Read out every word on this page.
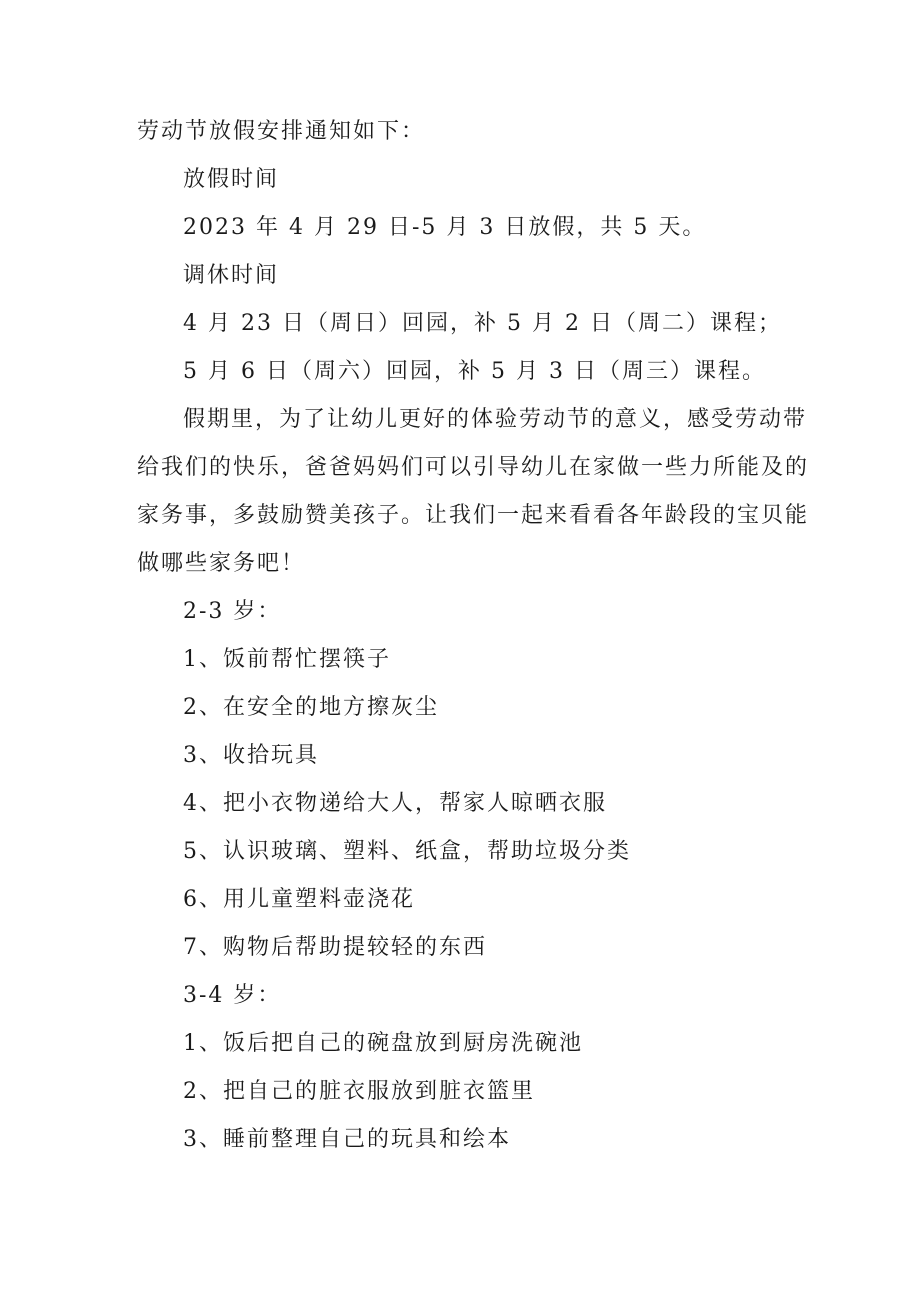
劳动节放假安排通知如下：

放假时间

2023 年 4 月 29 日-5 月 3 日放假，共 5 天。

调休时间

4 月 23 日（周日）回园，补 5 月 2 日（周二）课程；

5 月 6 日（周六）回园，补 5 月 3 日（周三）课程。

假期里，为了让幼儿更好的体验劳动节的意义，感受劳动带
给我们的快乐，爸爸妈妈们可以引导幼儿在家做一些力所能及的
家务事，多鼓励赞美孩子。让我们一起来看看各年龄段的宝贝能
做哪些家务吧！

2-3 岁：

1、饭前帮忙摆筷子

2、在安全的地方擦灰尘

3、收拾玩具

4、把小衣物递给大人，帮家人晾晒衣服

5、认识玻璃、塑料、纸盒，帮助垃圾分类

6、用儿童塑料壶浇花

7、购物后帮助提较轻的东西

3-4 岁：

1、饭后把自己的碗盘放到厨房洗碗池

2、把自己的脏衣服放到脏衣篮里

3、睡前整理自己的玩具和绘本
